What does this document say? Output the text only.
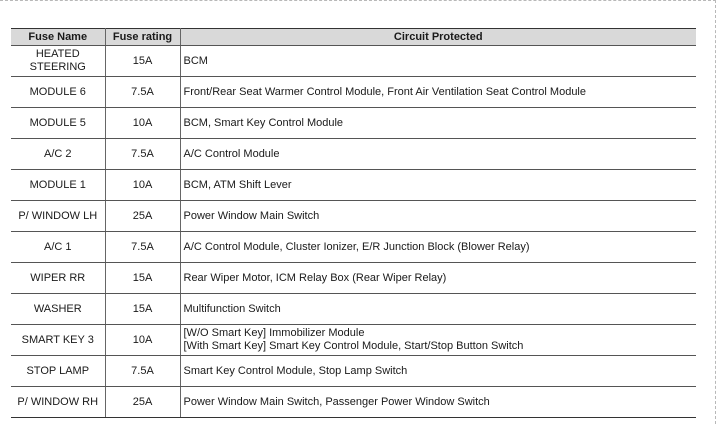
Fuse Name	Fuse rating	Circuit Protected

HEATED
STEERING	15A	BCM

MODULE 6	7.5A	Front/Rear Seat Warmer Control Module, Front Air Ventilation Seat Control Module

MODULE 5	10A	BCM, Smart Key Control Module

A/C 2	7.5A	A/C Control Module

MODULE 1	10A	BCM, ATM Shift Lever

P/ WINDOW LH	25A	Power Window Main Switch

A/C 1	7.5A	A/C Control Module, Cluster Ionizer, E/R Junction Block (Blower Relay)

WIPER RR	15A	Rear Wiper Motor, ICM Relay Box (Rear Wiper Relay)

WASHER	15A	Multifunction Switch

SMART KEY 3	10A	[W/O Smart Key] Immobilizer Module
[With Smart Key] Smart Key Control Module, Start/Stop Button Switch

STOP LAMP	7.5A	Smart Key Control Module, Stop Lamp Switch

P/ WINDOW RH	25A	Power Window Main Switch, Passenger Power Window Switch
